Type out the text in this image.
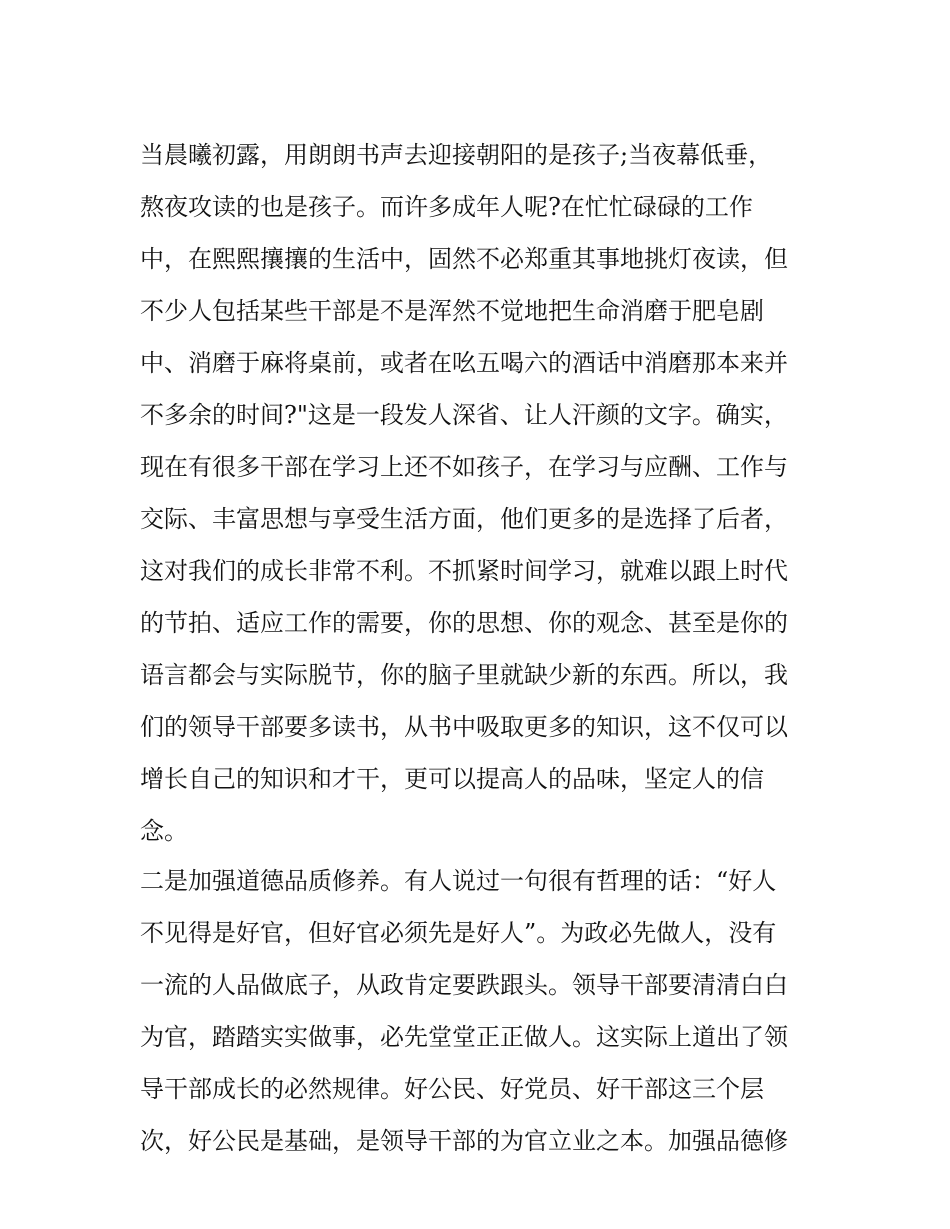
当晨曦初露，用朗朗书声去迎接朝阳的是孩子;当夜幕低垂，
熬夜攻读的也是孩子。而许多成年人呢?在忙忙碌碌的工作
中，在熙熙攘攘的生活中，固然不必郑重其事地挑灯夜读，但
不少人包括某些干部是不是浑然不觉地把生命消磨于肥皂剧
中、消磨于麻将桌前，或者在吆五喝六的酒话中消磨那本来并
不多余的时间?"这是一段发人深省、让人汗颜的文字。确实，
现在有很多干部在学习上还不如孩子，在学习与应酬、工作与
交际、丰富思想与享受生活方面，他们更多的是选择了后者，
这对我们的成长非常不利。不抓紧时间学习，就难以跟上时代
的节拍、适应工作的需要，你的思想、你的观念、甚至是你的
语言都会与实际脱节，你的脑子里就缺少新的东西。所以，我
们的领导干部要多读书，从书中吸取更多的知识，这不仅可以
增长自己的知识和才干，更可以提高人的品味，坚定人的信
念。
二是加强道德品质修养。有人说过一句很有哲理的话：“好人
不见得是好官，但好官必须先是好人”。为政必先做人，没有
一流的人品做底子，从政肯定要跌跟头。领导干部要清清白白
为官，踏踏实实做事，必先堂堂正正做人。这实际上道出了领
导干部成长的必然规律。好公民、好党员、好干部这三个层
次，好公民是基础，是领导干部的为官立业之本。加强品德修
